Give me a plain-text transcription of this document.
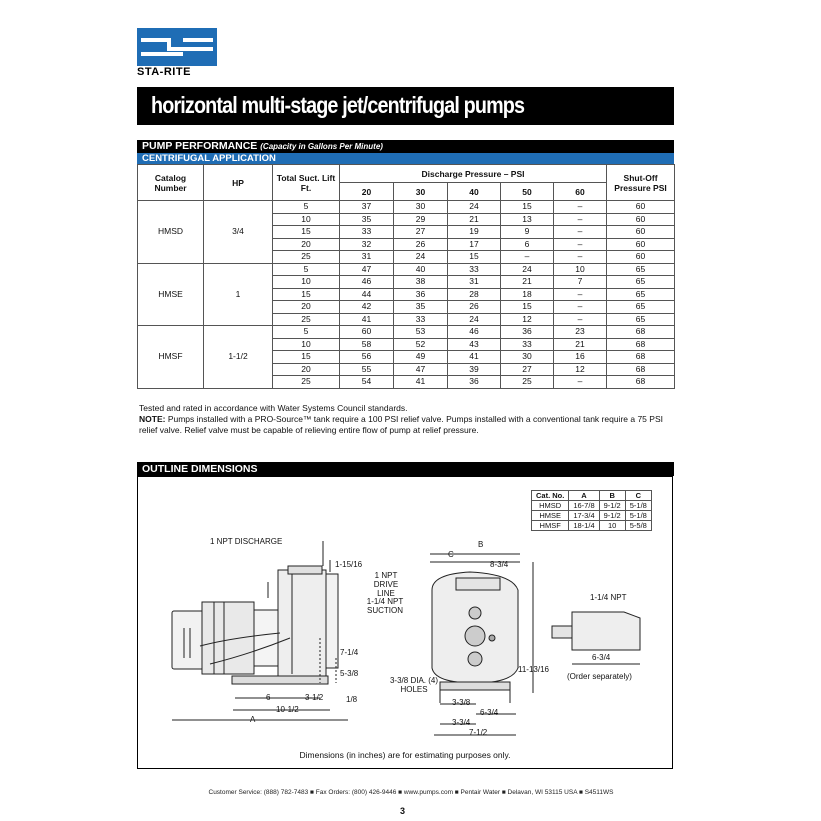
STA-RITE
horizontal multi-stage jet/centrifugal pumps
PUMP PERFORMANCE (Capacity in Gallons Per Minute)
CENTRIFUGAL APPLICATION
Catalog Number	HP	Total Suct. Lift Ft.	Discharge Pressure – PSI					Shut-Off Pressure PSI
			20	30	40	50	60	
HMSD	3/4	5	37	30	24	15	–	60
		10	35	29	21	13	–	60
		15	33	27	19	9	–	60
		20	32	26	17	6	–	60
		25	31	24	15	–	–	60
HMSE	1	5	47	40	33	24	10	65
		10	46	38	31	21	7	65
		15	44	36	28	18	–	65
		20	42	35	26	15	–	65
		25	41	33	24	12	–	65
HMSF	1-1/2	5	60	53	46	36	23	68
		10	58	52	43	33	21	68
		15	56	49	41	30	16	68
		20	55	47	39	27	12	68
		25	54	41	36	25	–	68
Tested and rated in accordance with Water Systems Council standards.
NOTE: Pumps installed with a PRO-Source™ tank require a 100 PSI relief valve. Pumps installed with a conventional tank require a 75 PSI relief valve. Relief valve must be capable of relieving entire flow of pump at relief pressure.
OUTLINE DIMENSIONS
Cat. No.	A	B	C
HMSD	16-7/8	9-1/2	5-1/8
HMSE	17-3/4	9-1/2	5-1/8
HMSF	18-1/4	10	5-5/8
1 NPT DISCHARGE
1-15/16
7-1/4
5-3/8
6	3-1/2	1/8
10-1/2
A
B
C
8-3/4
1 NPT DRIVE LINE
1-1/4 NPT SUCTION
11-13/16
3-3/8 DIA. (4) HOLES
3-3/8
6-3/4
3-3/4
7-1/2
1-1/4 NPT
6-3/4
(Order separately)
Dimensions (in inches) are for estimating purposes only.
Customer Service: (888) 782-7483 ■ Fax Orders: (800) 426-9446 ■ www.pumps.com ■ Pentair Water ■ Delavan, WI 53115 USA ■ S4511WS
3
